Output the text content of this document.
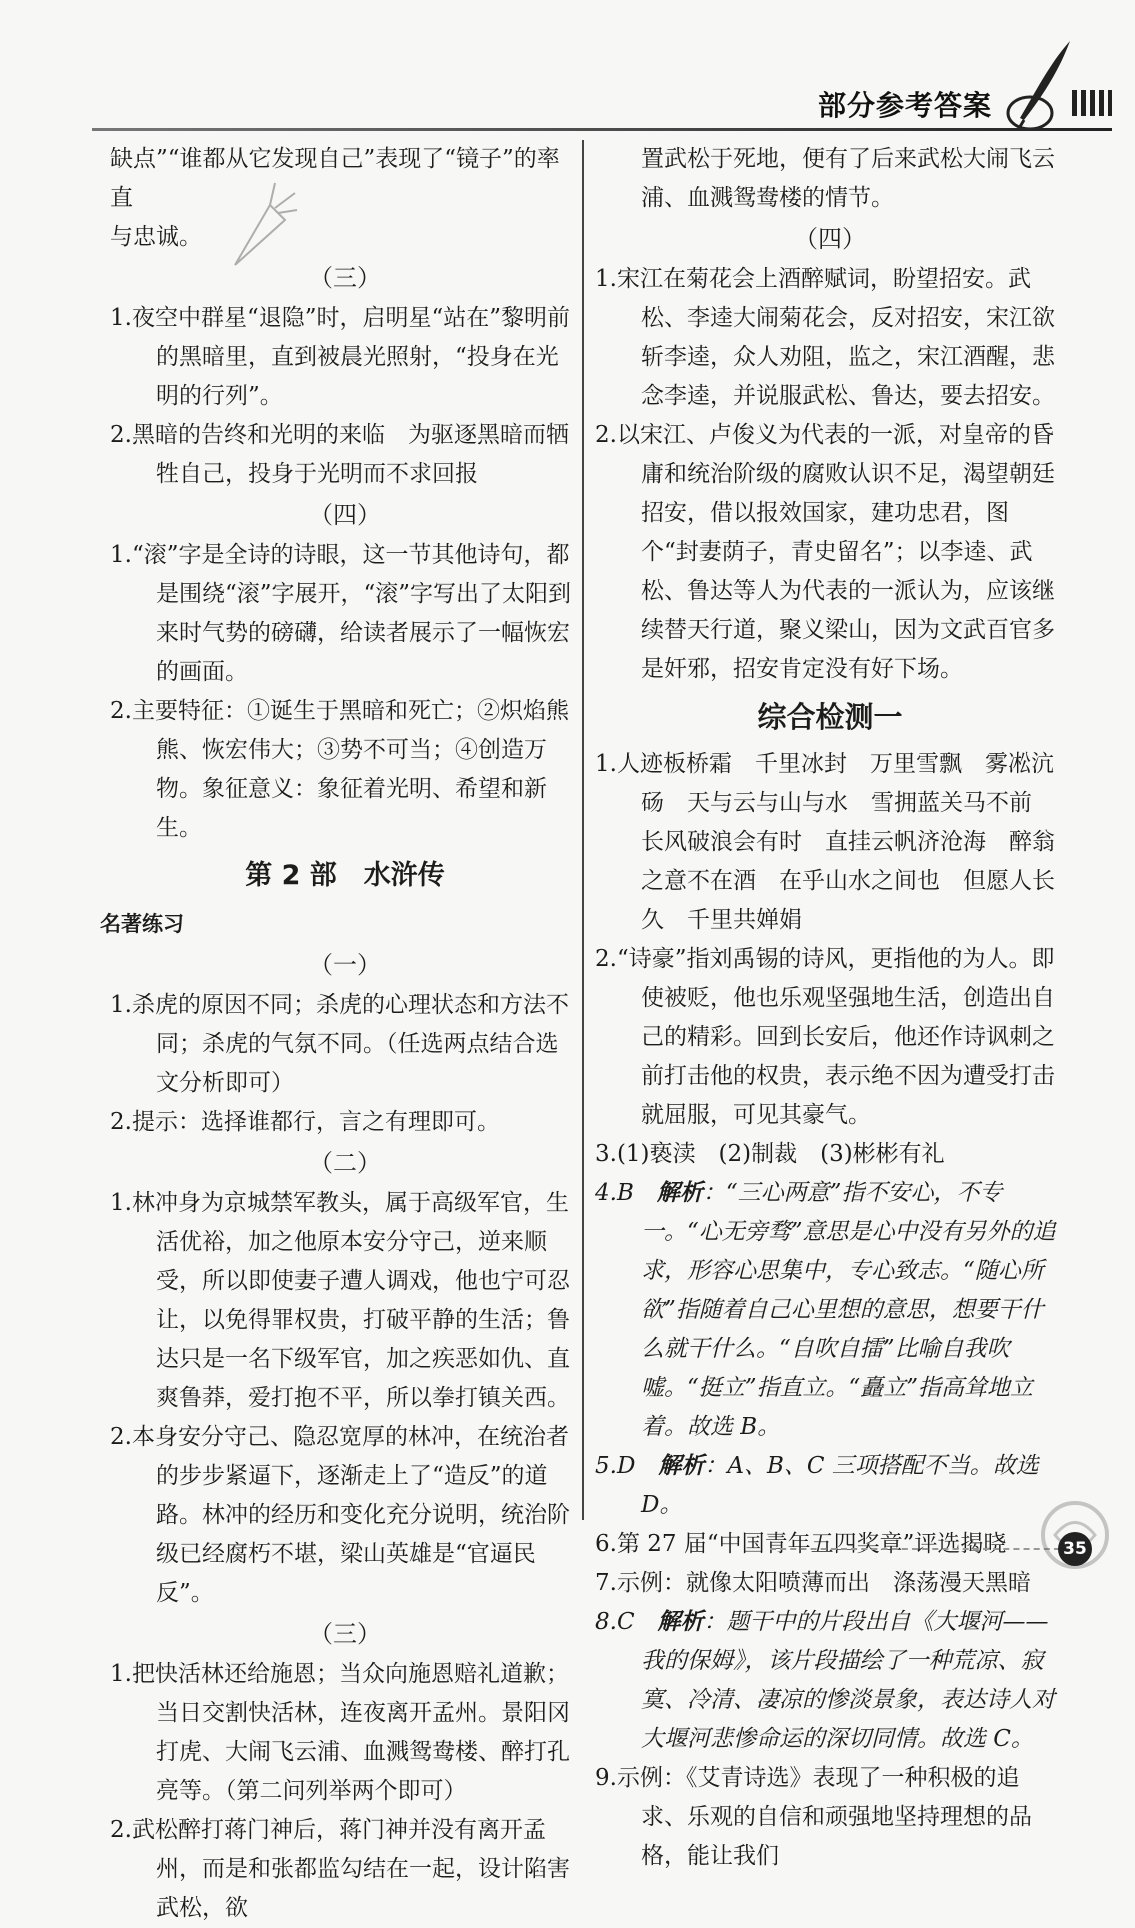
部分参考答案

缺点”“谁都从它发现自己”表现了“镜子”的率直

与忠诚。

（三）

1.夜空中群星“退隐”时，启明星“站在”黎明前的黑暗里，直到被晨光照射，“投身在光明的行列”。

2.黑暗的告终和光明的来临　为驱逐黑暗而牺牲自己，投身于光明而不求回报

（四）

1.“滚”字是全诗的诗眼，这一节其他诗句，都是围绕“滚”字展开，“滚”字写出了太阳到来时气势的磅礴，给读者展示了一幅恢宏的画面。

2.主要特征：①诞生于黑暗和死亡；②炽焰熊熊、恢宏伟大；③势不可当；④创造万物。象征意义：象征着光明、希望和新生。

第 2 部　水浒传

名著练习

（一）

1.杀虎的原因不同；杀虎的心理状态和方法不同；杀虎的气氛不同。（任选两点结合选文分析即可）

2.提示：选择谁都行，言之有理即可。

（二）

1.林冲身为京城禁军教头，属于高级军官，生活优裕，加之他原本安分守己，逆来顺受，所以即使妻子遭人调戏，他也宁可忍让，以免得罪权贵，打破平静的生活；鲁达只是一名下级军官，加之疾恶如仇、直爽鲁莽，爱打抱不平，所以拳打镇关西。

2.本身安分守己、隐忍宽厚的林冲，在统治者的步步紧逼下，逐渐走上了“造反”的道路。林冲的经历和变化充分说明，统治阶级已经腐朽不堪，梁山英雄是“官逼民反”。

（三）

1.把快活林还给施恩；当众向施恩赔礼道歉；当日交割快活林，连夜离开孟州。景阳冈打虎、大闹飞云浦、血溅鸳鸯楼、醉打孔亮等。（第二问列举两个即可）

2.武松醉打蒋门神后，蒋门神并没有离开孟州，而是和张都监勾结在一起，设计陷害武松，欲

置武松于死地，便有了后来武松大闹飞云浦、血溅鸳鸯楼的情节。

（四）

1.宋江在菊花会上酒醉赋词，盼望招安。武松、李逵大闹菊花会，反对招安，宋江欲斩李逵，众人劝阻，监之，宋江酒醒，悲念李逵，并说服武松、鲁达，要去招安。

2.以宋江、卢俊义为代表的一派，对皇帝的昏庸和统治阶级的腐败认识不足，渴望朝廷招安，借以报效国家，建功忠君，图个“封妻荫子，青史留名”；以李逵、武松、鲁达等人为代表的一派认为，应该继续替天行道，聚义梁山，因为文武百官多是奸邪，招安肯定没有好下场。

综合检测一

1.人迹板桥霜　千里冰封　万里雪飘　雾凇沆砀　天与云与山与水　雪拥蓝关马不前

长风破浪会有时　直挂云帆济沧海　醉翁之意不在酒　在乎山水之间也　但愿人长久　千里共婵娟

2.“诗豪”指刘禹锡的诗风，更指他的为人。即使被贬，他也乐观坚强地生活，创造出自己的精彩。回到长安后，他还作诗讽刺之前打击他的权贵，表示绝不因为遭受打击就屈服，可见其豪气。

3.(1)亵渎　(2)制裁　(3)彬彬有礼

4.B　 解析：“三心两意”指不安心，不专一。“心无旁骛”意思是心中没有另外的追求，形容心思集中，专心致志。“随心所欲”指随着自己心里想的意思，想要干什么就干什么。“自吹自擂”比喻自我吹嘘。“挺立”指直立。“矗立”指高耸地立着。故选 B。

5.D　 解析：A、B、C 三项搭配不当。故选 D。

6.第 27 届“中国青年五四奖章”评选揭晓

7.示例：就像太阳喷薄而出　涤荡漫天黑暗

8.C　 解析：题干中的片段出自《大堰河——我的保姆》，该片段描绘了一种荒凉、寂寞、冷清、凄凉的惨淡景象，表达诗人对大堰河悲惨命运的深切同情。故选 C。

9.示例：《艾青诗选》表现了一种积极的追求、乐观的自信和顽强地坚持理想的品格，能让我们

35
